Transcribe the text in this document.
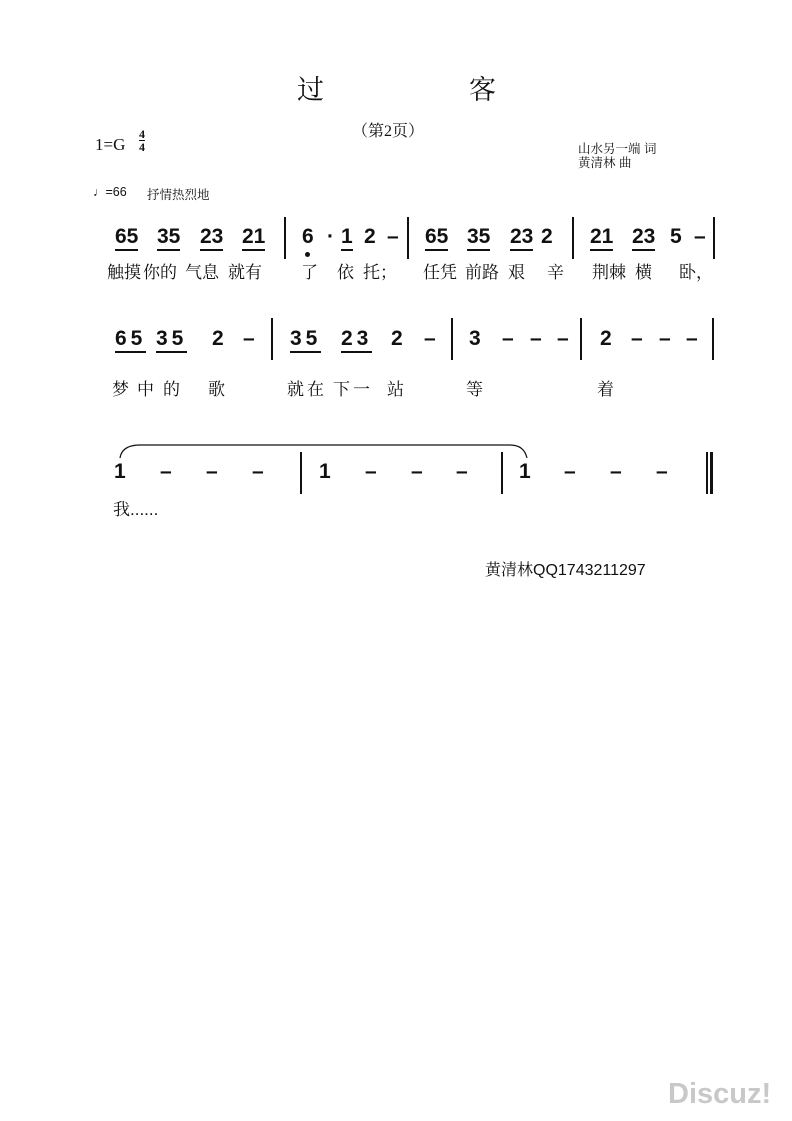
过	客
（第2页）
1=G
4
4	山水另一端 词
黄清林 曲
♩=66 抒情热烈地
65 35 23 21 6 · 1 2 – 65 35 23 2 21 23 5 –
触摸 你的 气息 就有 了 依 托； 任凭 前路 艰 辛 荆棘 横 卧，
65 35 2 – 35 23 2 – 3 – – – 2 – – –
梦 中 的 歌	就在 下一 站	等	着
1 – – –	1 – – – 1 – – –
我......
黄清林QQ1743211297
Discuz!
